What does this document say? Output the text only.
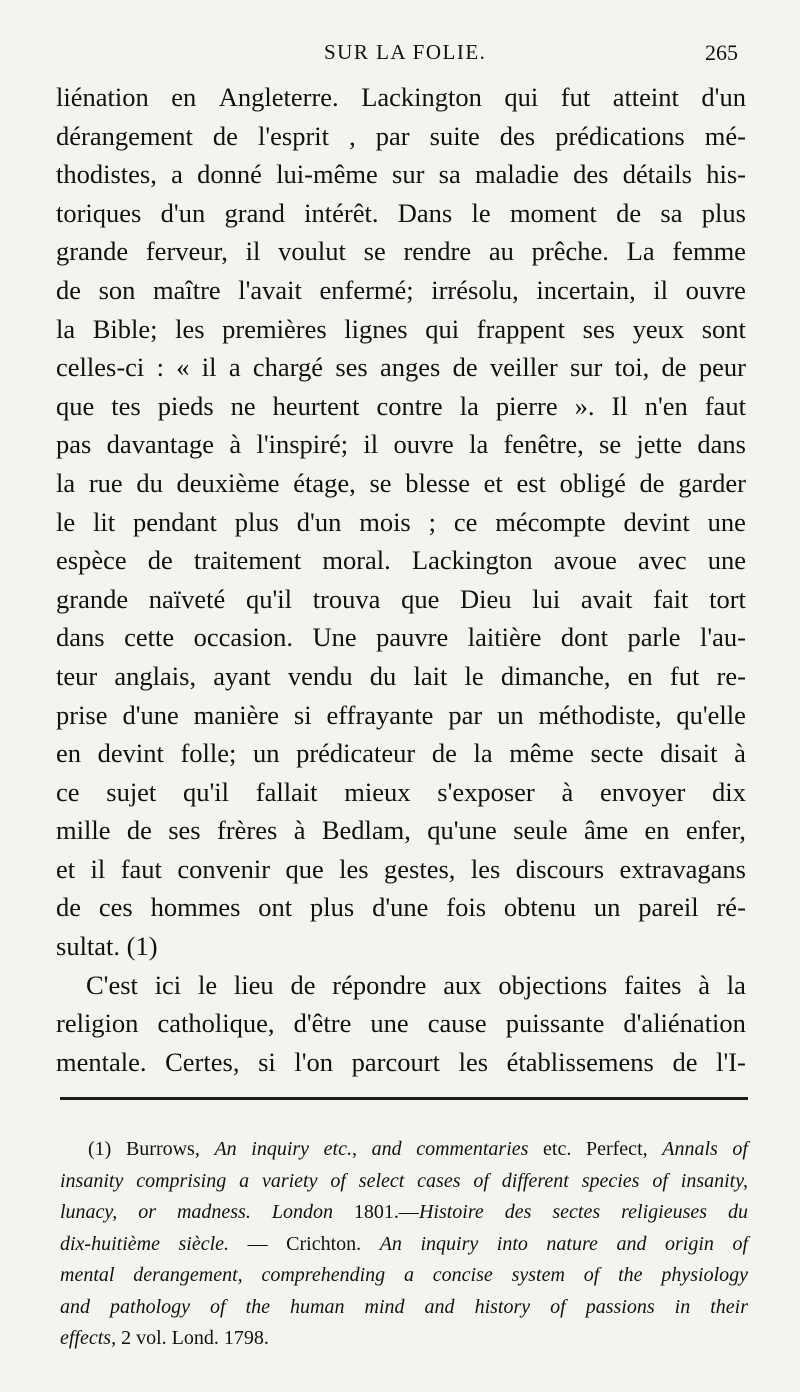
SUR LA FOLIE.	265
liénation en Angleterre. Lackington qui fut atteint d'un
dérangement de l'esprit , par suite des prédications mé-
thodistes, a donné lui-même sur sa maladie des détails his-
toriques d'un grand intérêt. Dans le moment de sa plus
grande ferveur, il voulut se rendre au prêche. La femme
de son maître l'avait enfermé; irrésolu, incertain, il ouvre
la Bible; les premières lignes qui frappent ses yeux sont
celles-ci : « il a chargé ses anges de veiller sur toi, de peur
que tes pieds ne heurtent contre la pierre ». Il n'en faut
pas davantage à l'inspiré; il ouvre la fenêtre, se jette dans
la rue du deuxième étage, se blesse et est obligé de garder
le lit pendant plus d'un mois ; ce mécompte devint une
espèce de traitement moral. Lackington avoue avec une
grande naïveté qu'il trouva que Dieu lui avait fait tort
dans cette occasion. Une pauvre laitière dont parle l'au-
teur anglais, ayant vendu du lait le dimanche, en fut re-
prise d'une manière si effrayante par un méthodiste, qu'elle
en devint folle; un prédicateur de la même secte disait à
ce sujet qu'il fallait mieux s'exposer à envoyer dix
mille de ses frères à Bedlam, qu'une seule âme en enfer,
et il faut convenir que les gestes, les discours extravagans
de ces hommes ont plus d'une fois obtenu un pareil ré-
sultat. (1)
C'est ici le lieu de répondre aux objections faites à la
religion catholique, d'être une cause puissante d'aliénation
mentale. Certes, si l'on parcourt les établissemens de l'I-
(1) Burrows, An inquiry etc., and commentaries etc. Perfect, Annals of
insanity comprising a variety of select cases of different species of insanity,
lunacy, or madness. London 1801.—Histoire des sectes religieuses du
dix-huitième siècle. — Crichton. An inquiry into nature and origin of
mental derangement, comprehending a concise system of the physiology
and pathology of the human mind and history of passions in their
effects, 2 vol. Lond. 1798.
